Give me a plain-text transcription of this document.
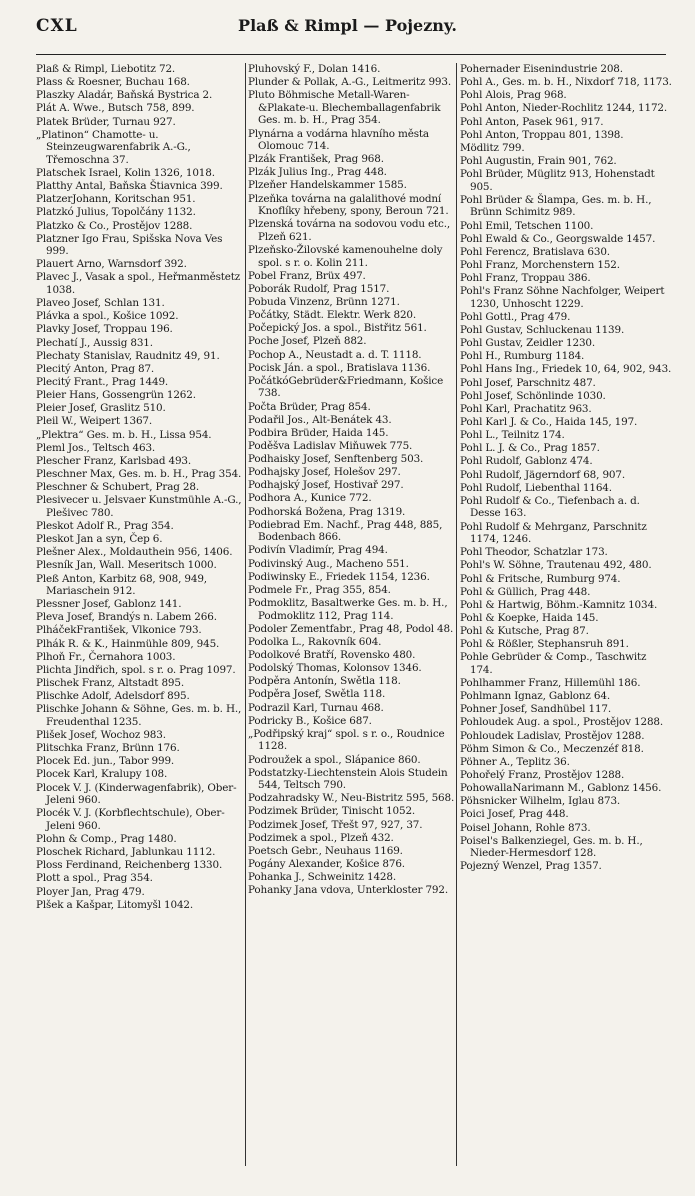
CXL	Plaß & Rimpl — Pojezny.
Plaß & Rimpl, Liebotitz 72.
Plass & Roesner, Buchau 168.
Plaszky Aladár, Baňská Bystrica 2.
Plát A. Wwe., Butsch 758, 899.
Platek Brüder, Turnau 927.
„Platinon“ Chamotte- u. Steinzeugwarenfabrik A.-G., Třemoschna 37.
Platschek Israel, Kolin 1326, 1018.
Platthy Antal, Baňska Štiavnica 399.
PlatzerJohann, Koritschan 951.
Platzkó Julius, Topolčány 1132.
Platzko & Co., Prostějov 1288.
Platzner Igo Frau, Spišska Nova Ves 999.
Plauert Arno, Warnsdorf 392.
Plavec J., Vasak a spol., Heřmanměstetz 1038.
Plaveo Josef, Schlan 131.
Plávka a spol., Košice 1092.
Plavky Josef, Troppau 196.
Plechatí J., Aussig 831.
Plechaty Stanislav, Raudnitz 49, 91.
Plecitý Anton, Prag 87.
Plecitý Frant., Prag 1449.
Pleier Hans, Gossengrün 1262.
Pleier Josef, Graslitz 510.
Pleil W., Weipert 1367.
„Plektra“ Ges. m. b. H., Lissa 954.
Pleml Jos., Teltsch 463.
Plescher Franz, Karlsbad 493.
Pleschner Max, Ges. m. b. H., Prag 354.
Pleschner & Schubert, Prag 28.
Plesivecer u. Jelsvaer Kunstmühle A.-G., Plešivec 780.
Pleskot Adolf R., Prag 354.
Pleskot Jan a syn, Čep 6.
Plešner Alex., Moldauthein 956, 1406.
Plesník Jan, Wall. Meseritsch 1000.
Pleß Anton, Karbitz 68, 908, 949, Mariaschein 912.
Plessner Josef, Gablonz 141.
Pleva Josef, Brandýs n. Labem 266.
PlháčekFrantišek, Vlkonice 793.
Plhák R. & K., Hainmühle 809, 945.
Plhoň Fr., Černahora 1003.
Plichta Jindřich, spol. s r. o. Prag 1097.
Plischek Franz, Altstadt 895.
Plischke Adolf, Adelsdorf 895.
Plischke Johann & Söhne, Ges. m. b. H., Freudenthal 1235.
Plišek Josef, Wochoz 983.
Plitschka Franz, Brünn 176.
Plocek Ed. jun., Tabor 999.
Plocek Karl, Kralupy 108.
Plocek V. J. (Kinderwagenfabrik), Ober-Jeleni 960.
Plocék V. J. (Korbflechtschule), Ober-Jeleni 960.
Plohn & Comp., Prag 1480.
Ploschek Richard, Jablunkau 1112.
Ploss Ferdinand, Reichenberg 1330.
Plott a spol., Prag 354.
Ployer Jan, Prag 479.
Plšek a Kašpar, Litomyšl 1042.
Pluhovský F., Dolan 1416.
Plunder & Pollak, A.-G., Leitmeritz 993.
Pluto Böhmische Metall-Waren-&Plakate-u. Blechemballagenfabrik Ges. m. b. H., Prag 354.
Plynárna a vodárna hlavního města Olomouc 714.
Plzák František, Prag 968.
Plzák Julius Ing., Prag 448.
Plzeňer Handelskammer 1585.
Plzeňka továrna na galalithové modní Knoflíky hřebeny, spony, Beroun 721.
Plzenská továrna na sodovou vodu etc., Plzeň 621.
Plzeňsko-Žilovské kamenouhelne doly spol. s r. o. Kolin 211.
Pobel Franz, Brüx 497.
Poborák Rudolf, Prag 1517.
Pobuda Vinzenz, Brünn 1271.
Počátky, Städt. Elektr. Werk 820.
Počepický Jos. a spol., Bistřitz 561.
Poche Josef, Plzeň 882.
Pochop A., Neustadt a. d. T. 1118.
Pocisk Ján. a spol., Bratislava 1136.
PočátkóGebrüder&Friedmann, Košice 738.
Počta Brüder, Prag 854.
Podařil Jos., Alt-Benátek 43.
Podbira Brüder, Haida 145.
Poděšva Ladislav Miňuwek 775.
Podhaisky Josef, Senftenberg 503.
Podhajsky Josef, Holešov 297.
Podhajský Josef, Hostivař 297.
Podhora A., Kunice 772.
Podhorská Božena, Prag 1319.
Podiebrad Em. Nachf., Prag 448, 885, Bodenbach 866.
Podivín Vladimír, Prag 494.
Podivinský Aug., Macheno 551.
Podiwinsky E., Friedek 1154, 1236.
Podmele Fr., Prag 355, 854.
Podmoklitz, Basaltwerke Ges. m. b. H., Podmoklitz 112, Prag 114.
Podoler Zementfabr., Prag 48, Podol 48.
Podolka L., Rakovník 604.
Podolkové Bratří, Rovensko 480.
Podolský Thomas, Kolonsov 1346.
Podpěra Antonín, Swětla 118.
Podpěra Josef, Swětla 118.
Podrazil Karl, Turnau 468.
Podricky B., Košice 687.
„Podřipský kraj“ spol. s r. o., Roudnice 1128.
Podroužek a spol., Slápanice 860.
Podstatzky-Liechtenstein Alois Studein 544, Teltsch 790.
Podzahradsky W., Neu-Bistritz 595, 568.
Podzimek Brüder, Tinischt 1052.
Podzimek Josef, Třešt 97, 927, 37.
Podzimek a spol., Plzeň 432.
Poetsch Gebr., Neuhaus 1169.
Pogány Alexander, Košice 876.
Pohanka J., Schweinitz 1428.
Pohanky Jana vdova, Unterkloster 792.
Pohernader Eisenindustrie 208.
Pohl A., Ges. m. b. H., Nixdorf 718, 1173.
Pohl Alois, Prag 968.
Pohl Anton, Nieder-Rochlitz 1244, 1172.
Pohl Anton, Pasek 961, 917.
Pohl Anton, Troppau 801, 1398.
Mödlitz 799.
Pohl Augustin, Frain 901, 762.
Pohl Brüder, Müglitz 913, Hohenstadt 905.
Pohl Brüder & Šlampa, Ges. m. b. H., Brünn Schimitz 989.
Pohl Emil, Tetschen 1100.
Pohl Ewald & Co., Georgswalde 1457.
Pohl Ferencz, Bratislava 630.
Pohl Franz, Morchenstern 152.
Pohl Franz, Troppau 386.
Pohl's Franz Söhne Nachfolger, Weipert 1230, Unhoscht 1229.
Pohl Gottl., Prag 479.
Pohl Gustav, Schluckenau 1139.
Pohl Gustav, Zeidler 1230.
Pohl H., Rumburg 1184.
Pohl Hans Ing., Friedek 10, 64, 902, 943.
Pohl Josef, Parschnitz 487.
Pohl Josef, Schönlinde 1030.
Pohl Karl, Prachatitz 963.
Pohl Karl J. & Co., Haida 145, 197.
Pohl L., Teilnitz 174.
Pohl L. J. & Co., Prag 1857.
Pohl Rudolf, Gablonz 474.
Pohl Rudolf, Jägerndorf 68, 907.
Pohl Rudolf, Liebenthal 1164.
Pohl Rudolf & Co., Tiefenbach a. d. Desse 163.
Pohl Rudolf & Mehrganz, Parschnitz 1174, 1246.
Pohl Theodor, Schatzlar 173.
Pohl's W. Söhne, Trautenau 492, 480.
Pohl & Fritsche, Rumburg 974.
Pohl & Güllich, Prag 448.
Pohl & Hartwig, Böhm.-Kamnitz 1034.
Pohl & Koepke, Haida 145.
Pohl & Kutsche, Prag 87.
Pohl & Rößler, Stephansruh 891.
Pohle Gebrüder & Comp., Taschwitz 174.
Pohlhammer Franz, Hillemühl 186.
Pohlmann Ignaz, Gablonz 64.
Pohner Josef, Sandhübel 117.
Pohloudek Aug. a spol., Prostějov 1288.
Pohloudek Ladislav, Prostějov 1288.
Pöhm Simon & Co., Meczenzéf 818.
Pöhner A., Teplitz 36.
Pohořelý Franz, Prostějov 1288.
PohowallaNarimann M., Gablonz 1456.
Pöhsnicker Wilhelm, Iglau 873.
Poici Josef, Prag 448.
Poisel Johann, Rohle 873.
Poisel's Balkenziegel, Ges. m. b. H., Nieder-Hermesdorf 128.
Pojezný Wenzel, Prag 1357.
